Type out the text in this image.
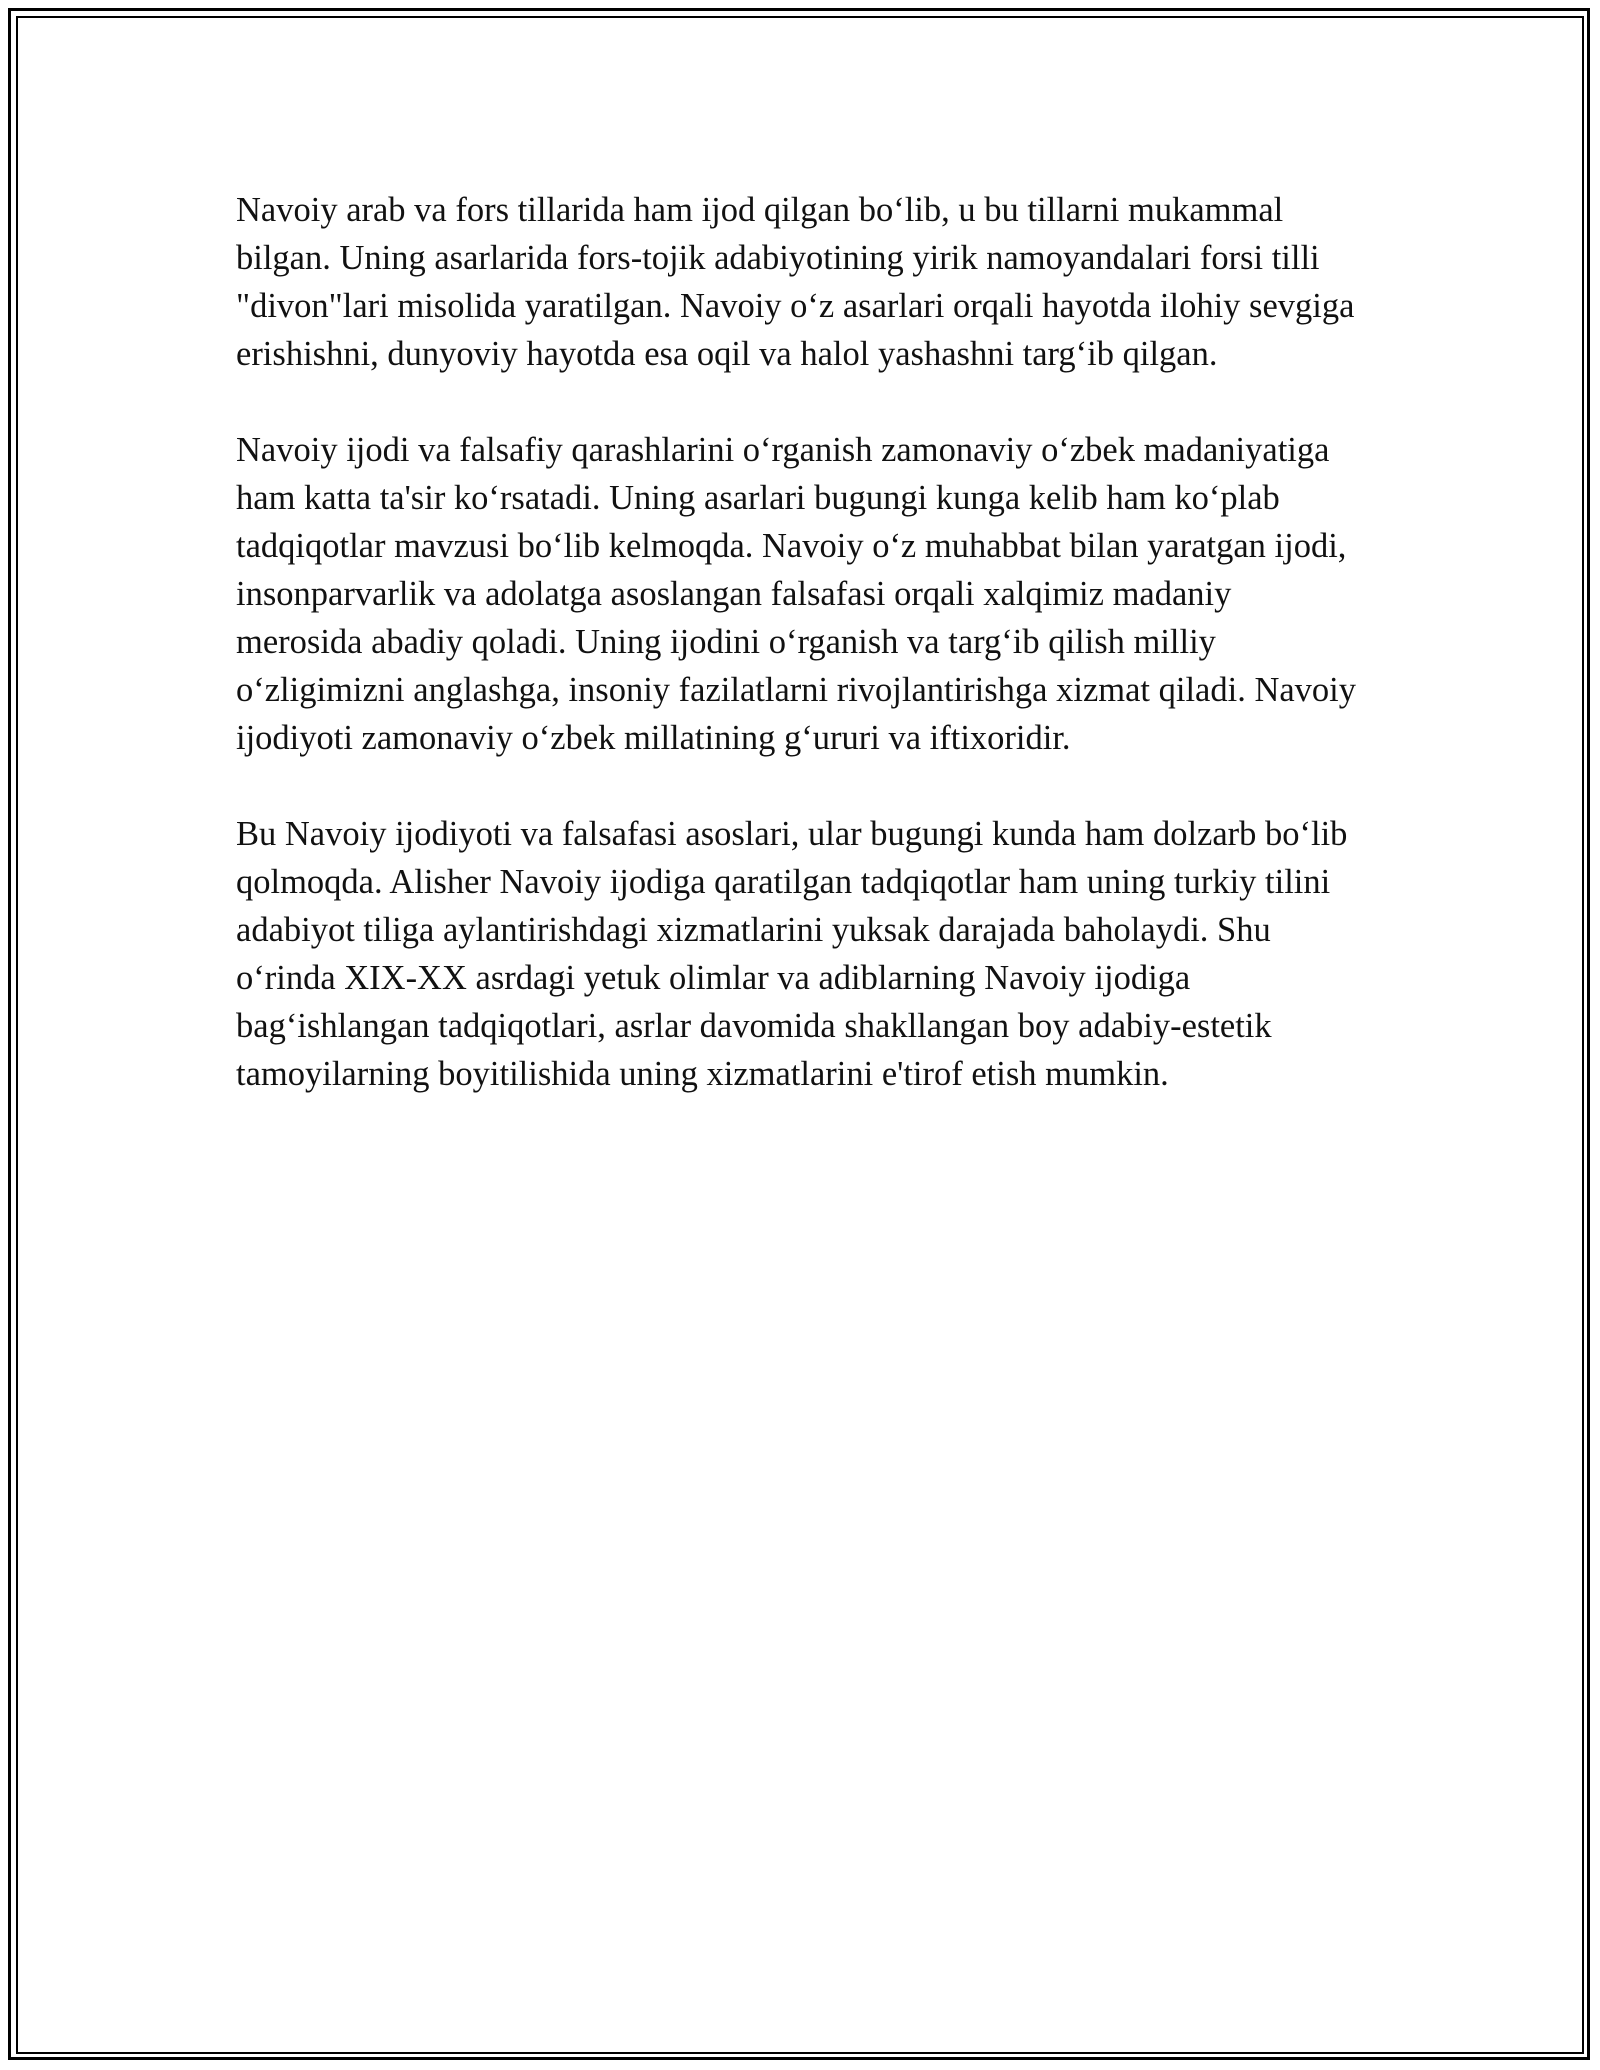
Navoiy arab va fors tillarida ham ijod qilgan bo‘lib, u bu tillarni mukammal bilgan. Uning asarlarida fors-tojik adabiyotining yirik namoyandalari forsi tilli "divon"lari misolida yaratilgan. Navoiy o‘z asarlari orqali hayotda ilohiy sevgiga erishishni, dunyoviy hayotda esa oqil va halol yashashni targ‘ib qilgan.

Navoiy ijodi va falsafiy qarashlarini o‘rganish zamonaviy o‘zbek madaniyatiga ham katta ta'sir ko‘rsatadi. Uning asarlari bugungi kunga kelib ham ko‘plab tadqiqotlar mavzusi bo‘lib kelmoqda. Navoiy o‘z muhabbat bilan yaratgan ijodi, insonparvarlik va adolatga asoslangan falsafasi orqali xalqimiz madaniy merosida abadiy qoladi. Uning ijodini o‘rganish va targ‘ib qilish milliy o‘zligimizni anglashga, insoniy fazilatlarni rivojlantirishga xizmat qiladi. Navoiy ijodiyoti zamonaviy o‘zbek millatining g‘ururi va iftixoridir.

Bu Navoiy ijodiyoti va falsafasi asoslari, ular bugungi kunda ham dolzarb bo‘lib qolmoqda. Alisher Navoiy ijodiga qaratilgan tadqiqotlar ham uning turkiy tilini adabiyot tiliga aylantirishdagi xizmatlarini yuksak darajada baholaydi. Shu o‘rinda XIX-XX asrdagi yetuk olimlar va adiblarning Navoiy ijodiga bag‘ishlangan tadqiqotlari, asrlar davomida shakllangan boy adabiy-estetik tamoyilarning boyitilishida uning xizmatlarini e'tirof etish mumkin.
